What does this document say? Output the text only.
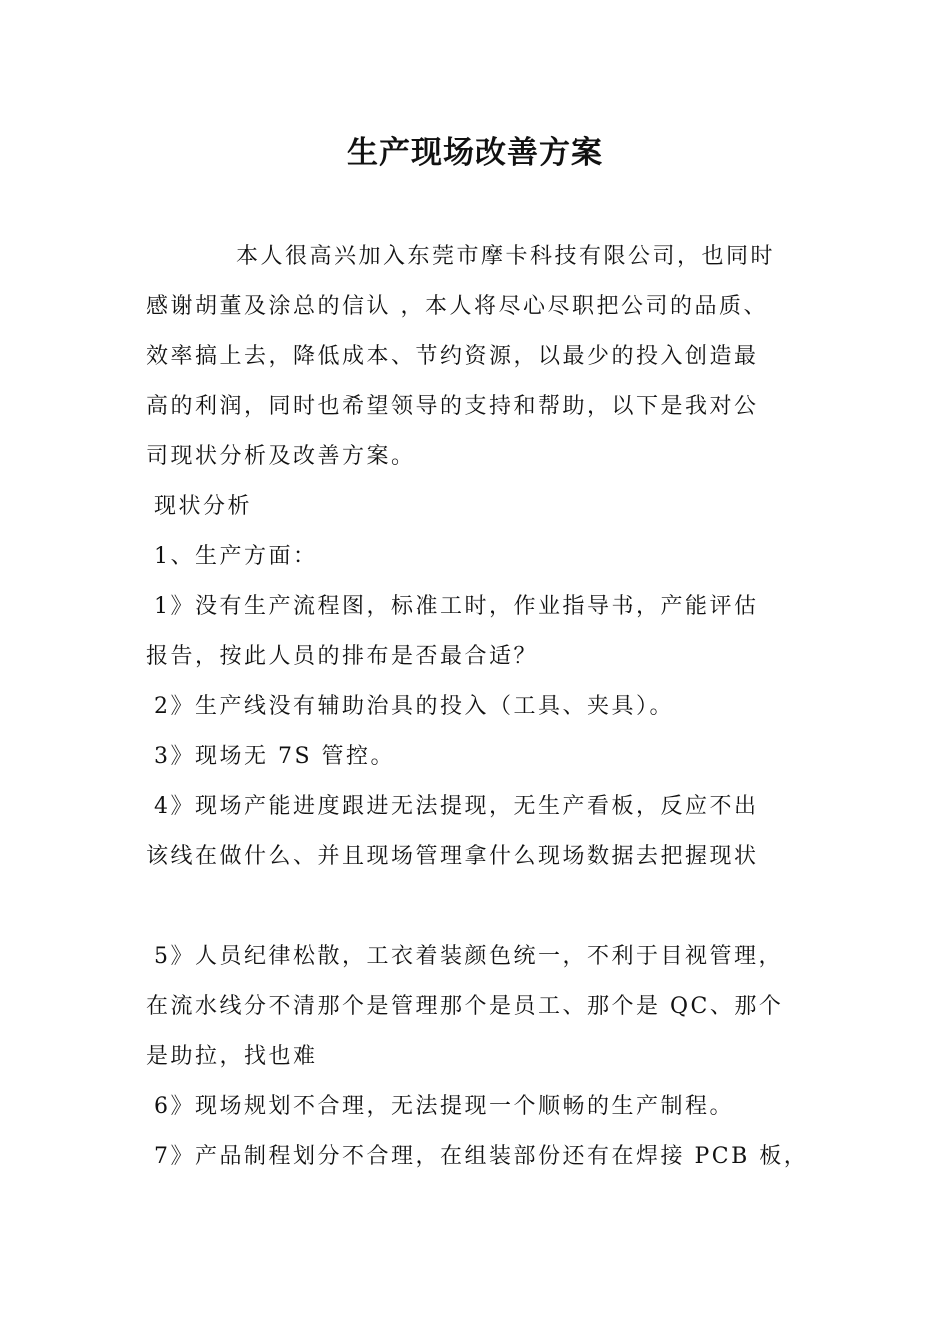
生产现场改善方案
本人很高兴加入东莞市摩卡科技有限公司，也同时
感谢胡董及涂总的信认 ，本人将尽心尽职把公司的品质、
效率搞上去，降低成本、节约资源，以最少的投入创造最
高的利润，同时也希望领导的支持和帮助，以下是我对公
司现状分析及改善方案。
现状分析
1、生产方面：
1》没有生产流程图，标准工时，作业指导书，产能评估
报告，按此人员的排布是否最合适？
2》生产线没有辅助治具的投入（工具、夹具）。
3》现场无 7S 管控。
4》现场产能进度跟进无法提现，无生产看板，反应不出
该线在做什么、并且现场管理拿什么现场数据去把握现状
5》人员纪律松散，工衣着装颜色统一，不利于目视管理，
在流水线分不清那个是管理那个是员工、那个是 QC、那个
是助拉，找也难
6》现场规划不合理，无法提现一个顺畅的生产制程。
7》产品制程划分不合理，在组装部份还有在焊接 PCB 板，
